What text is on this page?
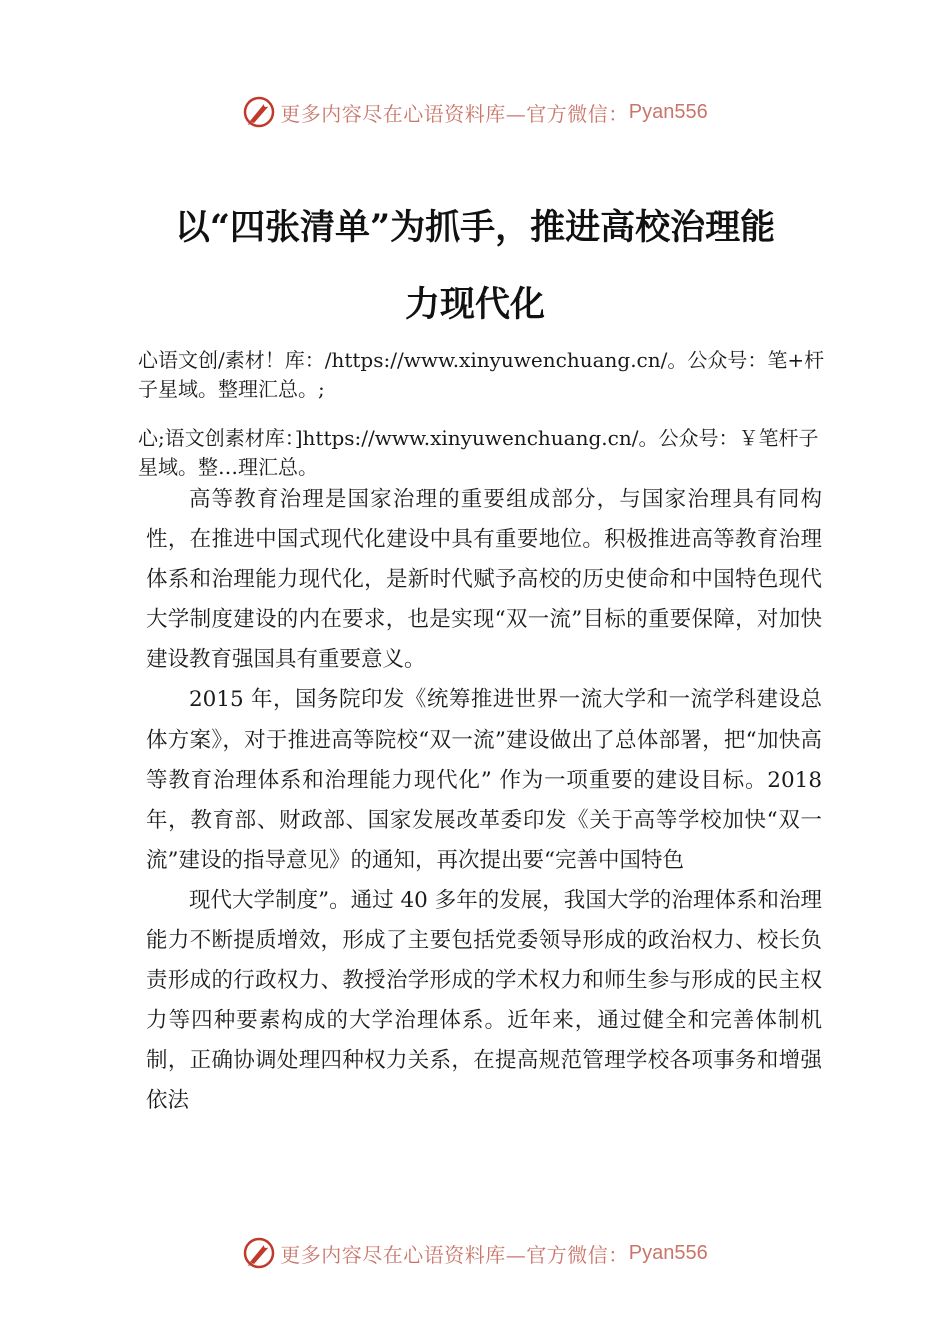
更多内容尽在心语资料库—官方微信： Pyan556
以“四张清单”为抓手，推进高校治理能
力现代化
心语文创/素材！库：/https://www.xinyuwenchuang.cn/。公众号：笔+杆子星域。整理汇总。;
心;语文创素材库：]https://www.xinyuwenchuang.cn/。公众号：￥笔杆子星域。整…理汇总。

高等教育治理是国家治理的重要组成部分，与国家治理具有同构性，在推进中国式现代化建设中具有重要地位。积极推进高等教育治理体系和治理能力现代化，是新时代赋予高校的历史使命和中国特色现代大学制度建设的内在要求，也是实现“双一流”目标的重要保障，对加快建设教育强国具有重要意义。

2015 年，国务院印发《统筹推进世界一流大学和一流学科建设总体方案》，对于推进高等院校“双一流”建设做出了总体部署，把“加快高等教育治理体系和治理能力现代化” 作为一项重要的建设目标。2018 年，教育部、财政部、国家发展改革委印发《关于高等学校加快“双一流”建设的指导意见》的通知，再次提出要“完善中国特色

现代大学制度”。通过 40 多年的发展，我国大学的治理体系和治理能力不断提质增效，形成了主要包括党委领导形成的政治权力、校长负责形成的行政权力、教授治学形成的学术权力和师生参与形成的民主权力等四种要素构成的大学治理体系。近年来，通过健全和完善体制机制，正确协调处理四种权力关系，在提高规范管理学校各项事务和增强依法

更多内容尽在心语资料库—官方微信： Pyan556
